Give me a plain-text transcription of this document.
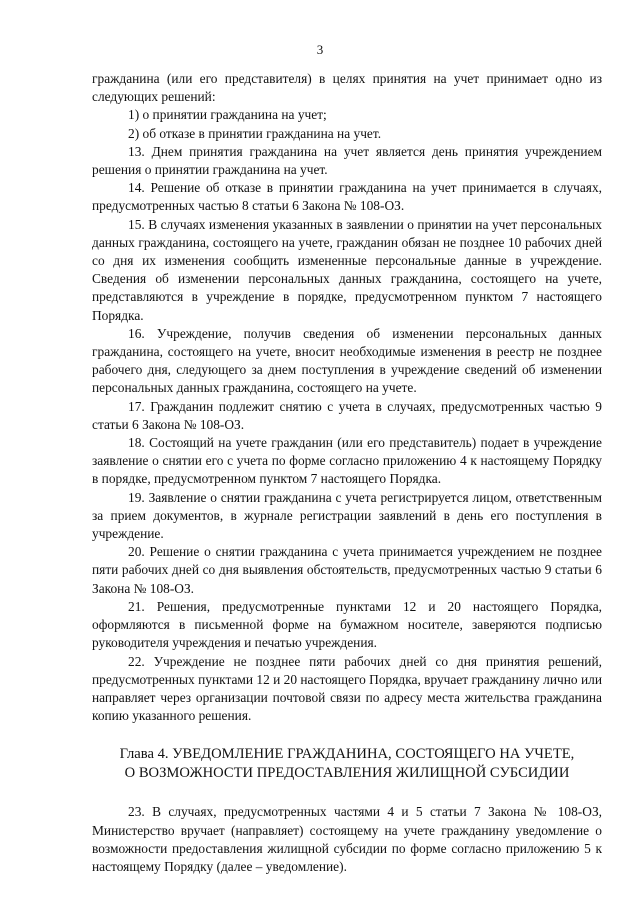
3

гражданина (или его представителя) в целях принятия на учет принимает одно из следующих решений:

1) о принятии гражданина на учет;

2) об отказе в принятии гражданина на учет.

13. Днем принятия гражданина на учет является день принятия учреждением решения о принятии гражданина на учет.

14. Решение об отказе в принятии гражданина на учет принимается в случаях, предусмотренных частью 8 статьи 6 Закона № 108-ОЗ.

15. В случаях изменения указанных в заявлении о принятии на учет персональных данных гражданина, состоящего на учете, гражданин обязан не позднее 10 рабочих дней со дня их изменения сообщить измененные персональные данные в учреждение. Сведения об изменении персональных данных гражданина, состоящего на учете, представляются в учреждение в порядке, предусмотренном пунктом 7 настоящего Порядка.

16. Учреждение, получив сведения об изменении персональных данных гражданина, состоящего на учете, вносит необходимые изменения в реестр не позднее рабочего дня, следующего за днем поступления в учреждение сведений об изменении персональных данных гражданина, состоящего на учете.

17. Гражданин подлежит снятию с учета в случаях, предусмотренных частью 9 статьи 6 Закона № 108-ОЗ.

18. Состоящий на учете гражданин (или его представитель) подает в учреждение заявление о снятии его с учета по форме согласно приложению 4 к настоящему Порядку в порядке, предусмотренном пунктом 7 настоящего Порядка.

19. Заявление о снятии гражданина с учета регистрируется лицом, ответственным за прием документов, в журнале регистрации заявлений в день его поступления в учреждение.

20. Решение о снятии гражданина с учета принимается учреждением не позднее пяти рабочих дней со дня выявления обстоятельств, предусмотренных частью 9 статьи 6 Закона № 108-ОЗ.

21. Решения, предусмотренные пунктами 12 и 20 настоящего Порядка, оформляются в письменной форме на бумажном носителе, заверяются подписью руководителя учреждения и печатью учреждения.

22. Учреждение не позднее пяти рабочих дней со дня принятия решений, предусмотренных пунктами 12 и 20 настоящего Порядка, вручает гражданину лично или направляет через организации почтовой связи по адресу места жительства гражданина копию указанного решения.

Глава 4. УВЕДОМЛЕНИЕ ГРАЖДАНИНА, СОСТОЯЩЕГО НА УЧЕТЕ,
О ВОЗМОЖНОСТИ ПРЕДОСТАВЛЕНИЯ ЖИЛИЩНОЙ СУБСИДИИ

23. В случаях, предусмотренных частями 4 и 5 статьи 7 Закона № 108-ОЗ, Министерство вручает (направляет) состоящему на учете гражданину уведомление о возможности предоставления жилищной субсидии по форме согласно приложению 5 к настоящему Порядку (далее – уведомление).
